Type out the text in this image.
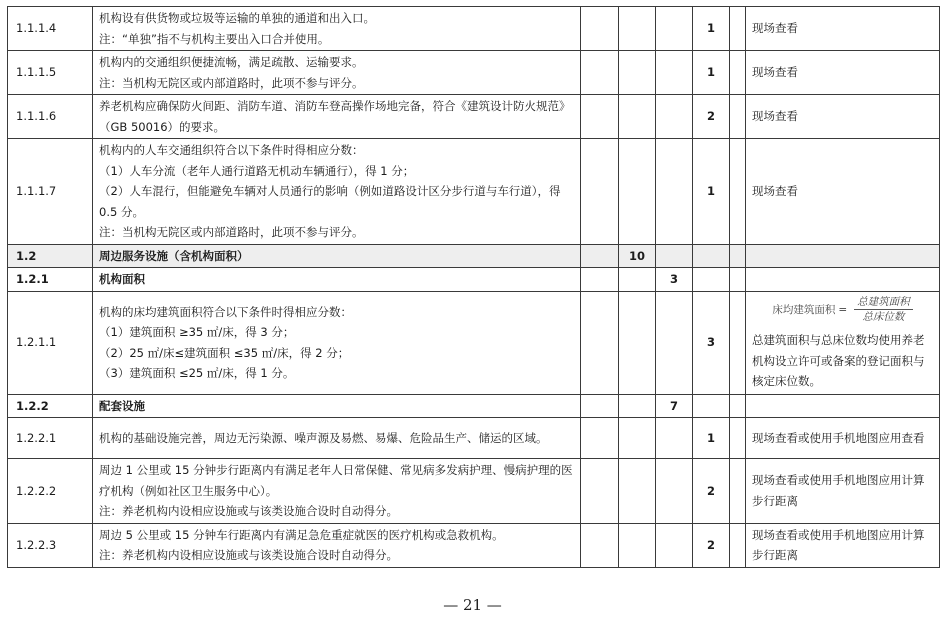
1.1.1.4	机构设有供货物或垃圾等运输的单独的通道和出入口。
注：“单独”指不与机构主要出入口合并使用。				1		现场查看
1.1.1.5	机构内的交通组织便捷流畅，满足疏散、运输要求。
注：当机构无院区或内部道路时，此项不参与评分。				1		现场查看
1.1.1.6	养老机构应确保防火间距、消防车道、消防车登高操作场地完备，符合《建筑设计防火规范》（GB 50016）的要求。				2		现场查看
1.1.1.7	机构内的人车交通组织符合以下条件时得相应分数：
（1）人车分流（老年人通行道路无机动车辆通行），得 1 分；
（2）人车混行，但能避免车辆对人员通行的影响（例如道路设计区分步行道与车行道），得 0.5 分。
注：当机构无院区或内部道路时，此项不参与评分。				1		现场查看
1.2	周边服务设施（含机构面积）		10				
1.2.1	机构面积			3			
1.2.1.1	机构的床均建筑面积符合以下条件时得相应分数：
（1）建筑面积 ≥35 ㎡/床，得 3 分；
（2）25 ㎡/床≤建筑面积 ≤35 ㎡/床，得 2 分；
（3）建筑面积 ≤25 ㎡/床，得 1 分。				3		床均建筑面积 = $\frac{\text{总建筑面积}}{\text{总床位数}}$
总建筑面积与总床位数均使用养老机构设立许可或备案的登记面积与核定床位数。

1.2.2	配套设施			7			
1.2.2.1	机构的基础设施完善，周边无污染源、噪声源及易燃、易爆、危险品生产、储运的区域。				1		现场查看或使用手机地图应用查看
1.2.2.2	周边 1 公里或 15 分钟步行距离内有满足老年人日常保健、常见病多发病护理、慢病护理的医疗机构（例如社区卫生服务中心）。
注：养老机构内设相应设施或与该类设施合设时自动得分。				2		现场查看或使用手机地图应用计算步行距离
1.2.2.3	周边 5 公里或 15 分钟车行距离内有满足急危重症就医的医疗机构或急救机构。
注：养老机构内设相应设施或与该类设施合设时自动得分。				2		现场查看或使用手机地图应用计算步行距离
— 21 —
